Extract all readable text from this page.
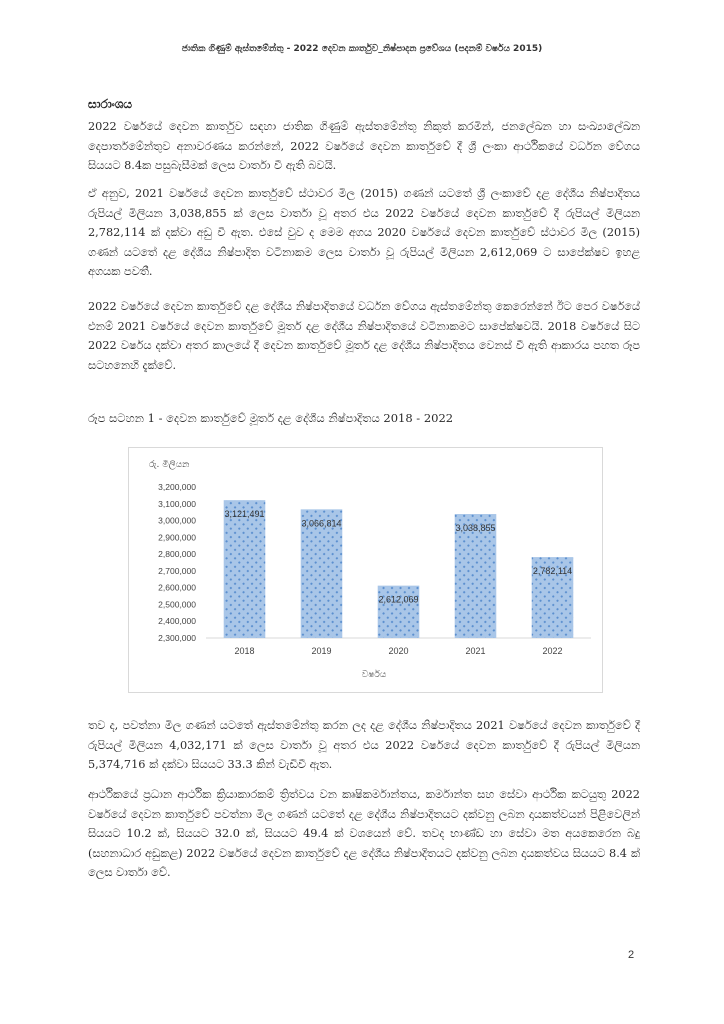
ජාතික ගිණුම් ඇස්තමේන්තු - 2022 දෙවන කාර්තුව_නිෂ්පාදන ප්‍රවේශය (පදනම් වර්ෂය 2015)
සාරාංශය

2022 වර්ෂයේ දෙවන කාර්තුව සඳහා ජාතික ගිණුම් ඇස්තමේන්තු නිකුත් කරමින්, ජනලේඛන හා සංඛ්‍යාලේඛන දෙපාර්තමේන්තුව අනාවරණය කරන්නේ, 2022 වර්ෂයේ දෙවන කාර්තුවේ දී ශ්‍රී ලංකා ආර්ථිකයේ වර්ධන වේගය සියයට 8.4ක පසුබැසීමක් ලෙස වාර්තා වී ඇති බවයි.

ඒ අනුව, 2021 වර්ෂයේ දෙවන කාර්තුවේ ස්ථාවර මිල (2015) ගණන් යටතේ ශ්‍රී ලංකාවේ දළ දේශීය නිෂ්පාදිතය රුපියල් මිලියන 3,038,855 ක් ලෙස වාර්තා වූ අතර එය 2022 වර්ෂයේ දෙවන කාර්තුවේ දී රුපියල් මිලියන 2,782,114 ක් දක්වා අඩු වී ඇත. එසේ වුව ද මෙම අගය 2020 වර්ෂයේ දෙවන කාර්තුවේ ස්ථාවර මිල (2015) ගණන් යටතේ දළ දේශීය නිෂ්පාදිත වටිනාකම ලෙස වාර්තා වූ රුපියල් මිලියන 2,612,069 ට සාපේක්ෂව ඉහළ අගයක පවතී.

2022 වර්ෂයේ දෙවන කාර්තුවේ දළ දේශීය නිෂ්පාදිතයේ වර්ධන වේගය ඇස්තමේන්තු කෙරෙන්නේ ඊට පෙර වර්ෂයේ එනම් 2021 වර්ෂයේ දෙවන කාර්තුවේ මූර්ත දළ දේශීය නිෂ්පාදිතයේ වටිනාකමට සාපේක්ෂවයි. 2018 වර්ෂයේ සිට 2022 වර්ෂය දක්වා අතර කාලයේ දී දෙවන කාර්තුවේ මූර්ත දළ දේශීය නිෂ්පාදිතය වෙනස් වී ඇති ආකාරය පහත රූප සටහනෙහි දැක්වේ.

රූප සටහන 1 - දෙවන කාර්තුවේ මූර්ත දළ දේශීය නිෂ්පාදිතය 2018 - 2022

රු. මිලියන
වර්ෂය
2,300,000
2,400,000
2,500,000
2,600,000
2,700,000
2,800,000
2,900,000
3,000,000
3,100,000
3,200,000
3,121,491
2018
3,066,814
2019
2,612,069
2020
3,038,855
2021
2,782,114
2022

තව ද, පවත්නා මිල ගණන් යටතේ ඇස්තමේන්තු කරන ලද දළ දේශීය නිෂ්පාදිතය 2021 වර්ෂයේ දෙවන කාර්තුවේ දී රුපියල් මිලියන 4,032,171 ක් ලෙස වාර්තා වූ අතර එය 2022 වර්ෂයේ දෙවන කාර්තුවේ දී රුපියල් මිලියන 5,374,716 ක් දක්වා සියයට 33.3 කින් වැඩිවී ඇත.

ආර්ථිකයේ ප්‍රධාන ආර්ථික ක්‍රියාකාරකම් ත්‍රිත්වය වන කෘෂිකර්මාන්තය, කර්මාන්ත සහ සේවා ආර්ථික කටයුතු 2022 වර්ෂයේ දෙවන කාර්තුවේ පවත්නා මිල ගණන් යටතේ දළ දේශීය නිෂ්පාදිතයට දක්වනු ලබන දායකත්වයන් පිළිවෙලින් සියයට 10.2 ක්, සියයට 32.0 ක්, සියයට 49.4 ක් වශයෙන් වේ. තවද භාණ්ඩ හා සේවා මත අයකෙරෙන බදු (සහනාධාර අඩුකළ) 2022 වර්ෂයේ දෙවන කාර්තුවේ දළ දේශීය නිෂ්පාදිතයට දක්වනු ලබන දායකත්වය සියයට 8.4 ක් ලෙස වාර්තා වේ.

2
